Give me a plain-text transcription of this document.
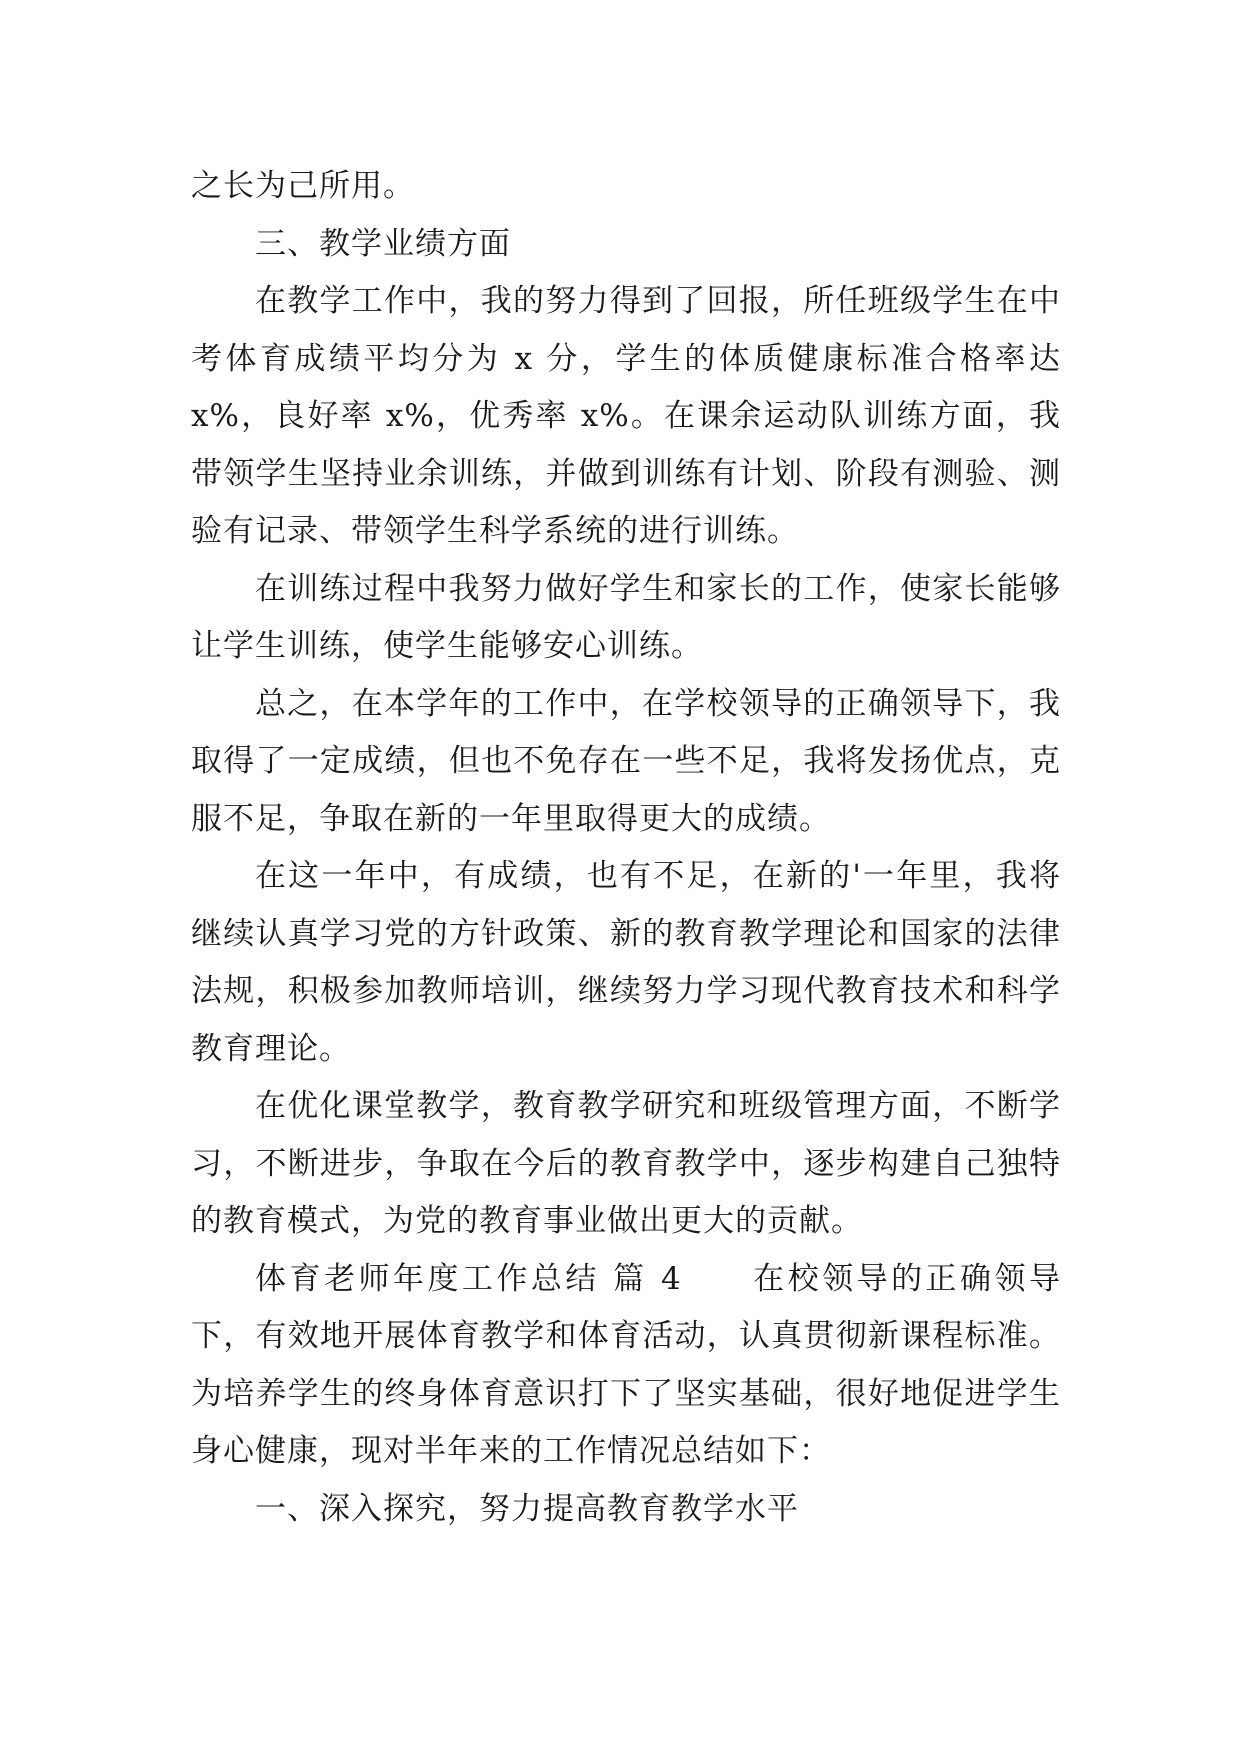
之长为己所用。

三、教学业绩方面

在教学工作中，我的努力得到了回报，所任班级学生在中考体育成绩平均分为 x 分，学生的体质健康标准合格率达x%，良好率 x%，优秀率 x%。在课余运动队训练方面，我带领学生坚持业余训练，并做到训练有计划、阶段有测验、测验有记录、带领学生科学系统的进行训练。

在训练过程中我努力做好学生和家长的工作，使家长能够让学生训练，使学生能够安心训练。

总之，在本学年的工作中，在学校领导的正确领导下，我取得了一定成绩，但也不免存在一些不足，我将发扬优点，克服不足，争取在新的一年里取得更大的成绩。

在这一年中，有成绩，也有不足，在新的'一年里，我将继续认真学习党的方针政策、新的教育教学理论和国家的法律法规，积极参加教师培训，继续努力学习现代教育技术和科学教育理论。

在优化课堂教学，教育教学研究和班级管理方面，不断学习，不断进步，争取在今后的教育教学中，逐步构建自己独特的教育模式，为党的教育事业做出更大的贡献。

体育老师年度工作总结 篇 4　　在校领导的正确领导下，有效地开展体育教学和体育活动，认真贯彻新课程标准。为培养学生的终身体育意识打下了坚实基础，很好地促进学生身心健康，现对半年来的工作情况总结如下：

一、深入探究，努力提高教育教学水平
